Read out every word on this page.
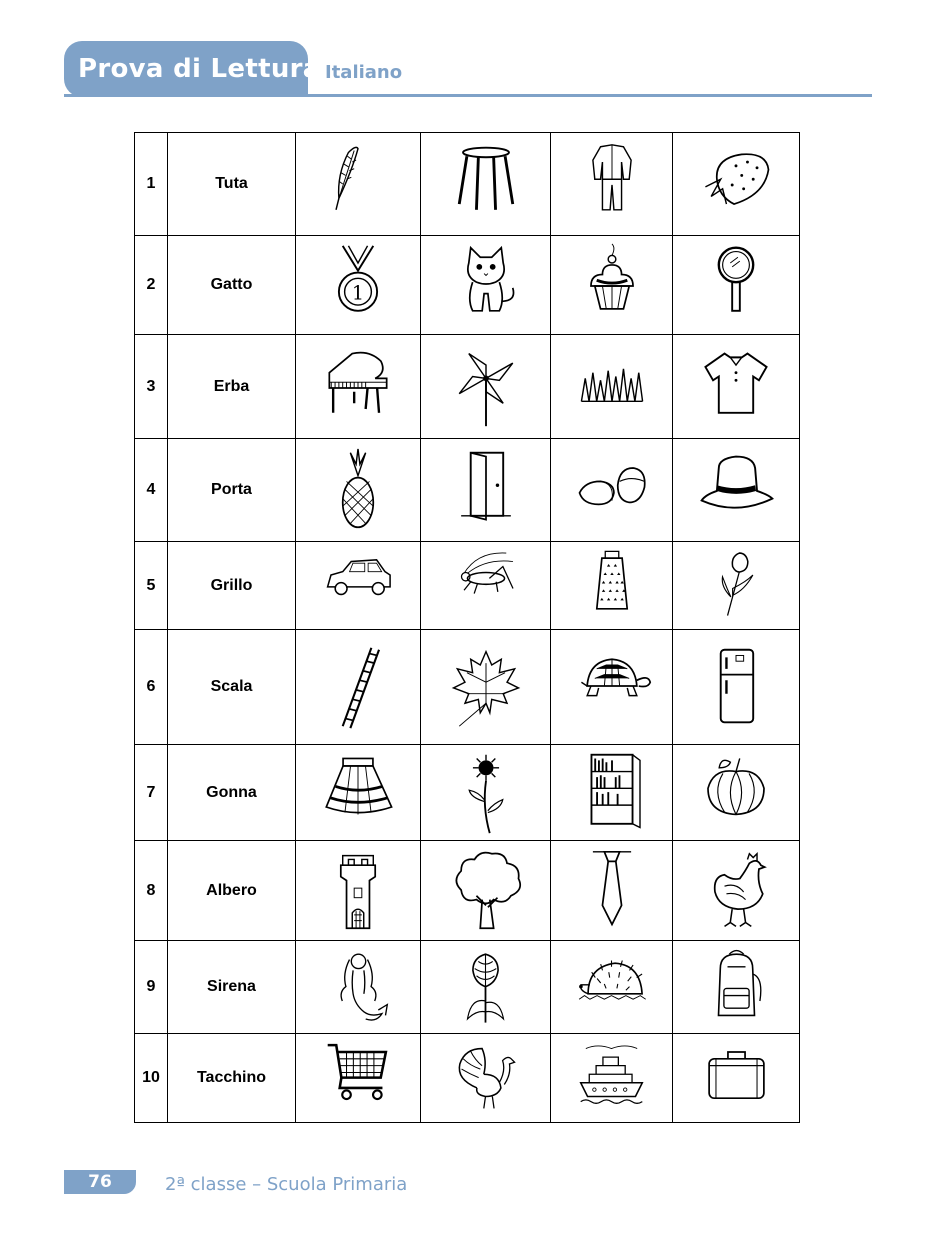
Prova di Lettura Italiano
1	Tuta	

2	Gatto	1

3	Erba	

4	Porta	

5	Grillo	

6	Scala	

7	Gonna	

8	Albero	

9	Sirena	

10	Tacchino	

76	2ª classe – Scuola Primaria
